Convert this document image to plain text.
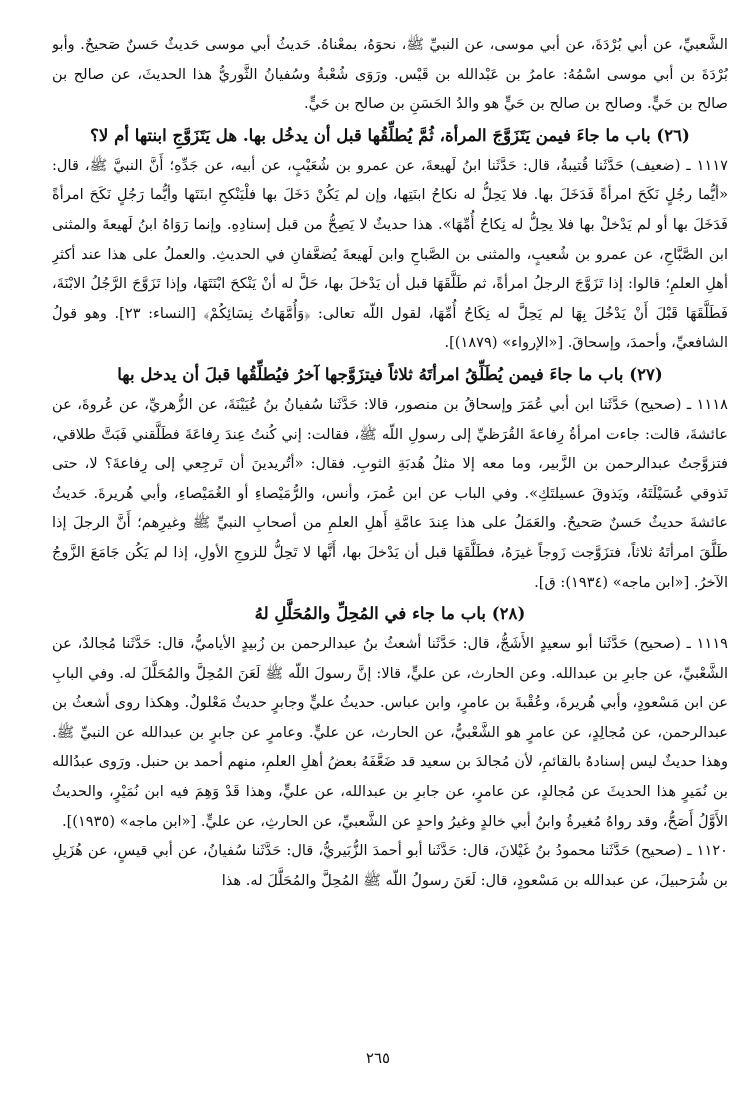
الشَّعبيِّ، عن أبي بُرْدَةَ، عن أبي موسى، عن النبيِّ ﷺ، نحوَهُ، بمعْناهُ. حَديثُ أبي موسى حَديثٌ حَسنٌ صَحيحٌ. وأبو بُرْدَةَ بن أبي موسى اسْمُهُ: عامرُ بن عَبْدالله بن قَيْس. ورَوَى شُعْبةُ وسُفيانُ الثَّوريُّ هذا الحديثَ، عن صالح بن صالح بن حَيٍّ. وصالح بن صالح بن حَيٍّ هو والدُ الحَسَنِ بن صالح بن حَيٍّ.

(٢٦) باب ما جاءَ فيمن يَتَزَوَّجَ المرأة، ثُمَّ يُطلِّقُها قبل أن يدخُل بها. هل يَتَزَوَّجِ ابنتها أم لا؟

١١١٧ ـ (ضعيف) حَدَّثَنا قُتيبةُ، قال: حَدَّثَنا ابنُ لَهيعةَ، عن عمرو بن شُعَيْبٍ، عن أبيه، عن جَدِّهِ؛ أَنَّ النبيَّ ﷺ، قال: «أيُّما رجُلٍ نَكَحَ امرأةً فَدَخَلَ بها. فلا يَحِلُّ له نكاحُ ابنَتِها، وإن لم يَكُنْ دَخَلَ بها فلْيَنْكحِ ابنَتَها وأيُّما رَجُلٍ نَكَحَ امرأةً فَدَخَلَ بها أو لم يَدْخلْ بها فلا يحِلُّ له نِكاحُ أُمِّهَا». هذا حديثٌ لا يَصِحُّ من قبل إسنادِهِ. وإنما رَوَاهُ ابنُ لَهيعةَ والمثنى ابن الصَّبَّاحِ، عن عمرو بن شُعيبٍ، والمثنى بن الصَّباحِ وابن لَهيعةَ يُضعَّفانِ في الحديثِ. والعملُ على هذا عند أكثرِ أهلِ العلمِ؛ قالوا: إذا تَزَوَّجَ الرجلُ امرأةً، ثم طَلَّقَهَا قبل أن يَدْخلَ بها، حَلَّ له أنْ يَنْكحَ ابْنَتَهَا، وإذا تَزَوَّجَ الرَّجُلُ الابْنَةَ، فَطَلَّقَهَا قَبْلَ أَنْ يَدْخُلَ بِهَا لم يَحِلَّ له نِكَاحُ أُمِّهَا، لقول اللّه تعالى: ﴿وَأُمَّهَاتُ نِسَائِكُمْ﴾ [النساء: ٢٣]. وهو قولُ الشافعيِّ، وأحمدَ، وإسحاقَ. [«الإرواء» (١٨٧٩)].

(٢٧) باب ما جاءَ فيمن يُطَلِّقُ امرأتَهُ ثلاثاً فيتزَوَّجها آخرُ فيُطلِّقُها قبلَ أن يدخل بها

١١١٨ ـ (صحيح) حَدَّثَنا ابن أبي عُمَرَ وإسحاقُ بن منصور، قالا: حَدَّثَنا سُفيانُ بنُ عُيَيْنَةَ، عن الزُّهريِّ، عن عُروةَ، عن عائشةَ، قالت: جاءت امرأةُ رِفاعةَ القُرَظيِّ إلى رسولِ اللّه ﷺ، فقالت: إني كُنتُ عِندَ رِفاعَةَ فطَلَّقني فَبَتَّ طلاقي، فتزوَّجتُ عبدالرحمن بن الزَّبير، وما معه إلا مثلُ هُدبَةِ الثوبِ. فقال: «أتُريدينَ أن تَرجِعي إلى رِفاعةَ؟ لا، حتى تَذوقي عُسَيْلَتَهُ، ويَذوقَ عسيلتَكِ». وفي الباب عن ابن عُمرَ، وأنس، والرُّمَيْصاءِ أو الغُمَيْصاءِ، وأبي هُريرةَ. حَديثُ عائشةَ حديثٌ حَسنٌ صَحيحٌ. والعَمَلُ على هذا عِندَ عامَّةِ أَهلِ العلمِ من أصحابِ النبيِّ ﷺ وغيرِهم؛ أَنَّ الرجلَ إذا طَلَّقَ امرأتَهُ ثلاثاً، فتزَوَّجت زَوجاً غيرَهُ، فطَلَّقَهَا قبل أن يَدْخلَ بها، أَنَّها لا تَحِلُّ للزوجِ الأولِ، إذا لم يَكُن جَامَعَ الزَّوجُ الآخرُ. [«ابن ماجه» (١٩٣٤): ق].

(٢٨) باب ما جاء في المُحِلِّ والمُحَلَّلِ لهُ

١١١٩ ـ (صحيح) حَدَّثَنا أبو سعيدٍ الأَشَجُّ، قال: حَدَّثَنا أشعثُ بنُ عبدالرحمن بن زُبيدٍ الأياميُّ، قال: حَدَّثَنا مُجالدٌ، عن الشَّعْبيِّ، عن جابرِ بن عبدالله. وعن الحارث، عن عليٍّ، قالا: إنَّ رسولَ اللّه ﷺ لَعَنَ المُحِلَّ والمُحَلَّلَ له. وفي البابِ عن ابن مَسْعودٍ، وأبي هُريرةَ، وعُقْبةَ بن عامرٍ، وابن عباس. حديثُ عليٍّ وجابرٍ حديثٌ مَعْلولٌ. وهكذا روى أشعثُ بن عبدالرحمن، عن مُجالِدٍ، عن عامرٍ هو الشَّعْبيُّ، عن الحارث، عن عليٍّ. وعامرٍ عن جابرٍ بن عبدالله عن النبيِّ ﷺ. وهذا حديثٌ ليس إسنادهُ بالقائمِ، لأن مُجالدَ بن سعيد قد ضَعَّفَهُ بعضُ أهلِ العلمِ، منهم أحمد بن حنبل. ورَوى عبدُالله بن نُمَيرٍ هذا الحديثَ عن مُجالدٍ، عن عامرٍ، عن جابرِ بن عبدالله، عن عليٍّ، وهذا قَدْ وَهِمَ فيه ابن نُمَيْرٍ، والحديثُ الأَوَّلُ أَصَحُّ، وقد رواهُ مُغيرةُ وابنُ أبي خالدٍ وغيرُ واحدٍ عن الشَّعبيِّ، عن الحارثِ، عن عليٍّ. [«ابن ماجه» (١٩٣٥)].

١١٢٠ ـ (صحيح) حَدَّثَنا محمودُ بنُ غَيْلانَ، قال: حَدَّثَنا أبو أحمدَ الزُّبَيريُّ، قال: حَدَّثَنا سُفيانُ، عن أبي قيسٍ، عن هُزَيلِ بن شُرَحبيلَ، عن عبدالله بن مَسْعودٍ، قال: لَعَنَ رسولُ اللّه ﷺ المُحِلَّ والمُحَلَّلَ له. هذا

٢٦٥
